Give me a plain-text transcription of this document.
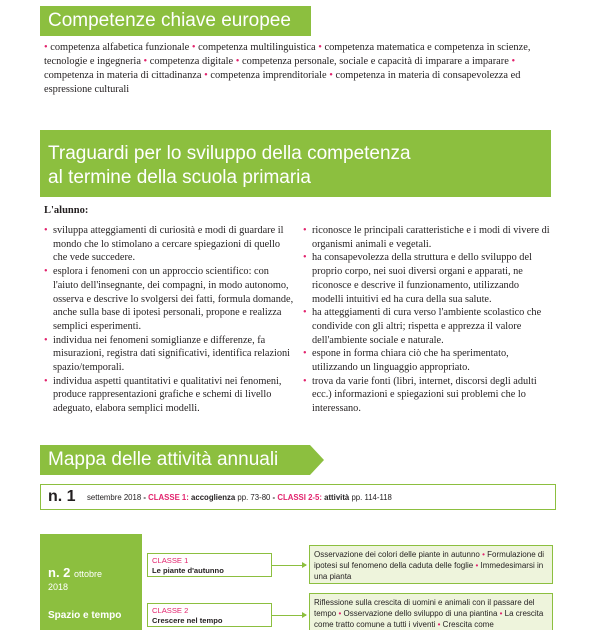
Competenze chiave europee

• competenza alfabetica funzionale • competenza multilinguistica • competenza matematica e competenza in scienze, tecnologie e ingegneria • competenza digitale • competenza personale, sociale e capacità di imparare a imparare • competenza in materia di cittadinanza • competenza imprenditoriale • competenza in materia di consapevolezza ed espressione culturali

Traguardi per lo sviluppo della competenza
al termine della scuola primaria
L'alunno:
• sviluppa atteggiamenti di curiosità e modi di guardare il mondo che lo stimolano a cercare spiegazioni di quello che vede succedere.
• esplora i fenomeni con un approccio scientifico: con l'aiuto dell'insegnante, dei compagni, in modo autonomo, osserva e descrive lo svolgersi dei fatti, formula domande, anche sulla base di ipotesi personali, propone e realizza semplici esperimenti.
• individua nei fenomeni somiglianze e differenze, fa misurazioni, registra dati significativi, identifica relazioni spazio/temporali.
• individua aspetti quantitativi e qualitativi nei fenomeni, produce rappresentazioni grafiche e schemi di livello adeguato, elabora semplici modelli.
• riconosce le principali caratteristiche e i modi di vivere di organismi animali e vegetali.
• ha consapevolezza della struttura e dello sviluppo del proprio corpo, nei suoi diversi organi e apparati, ne riconosce e descrive il funzionamento, utilizzando modelli intuitivi ed ha cura della sua salute.
• ha atteggiamenti di cura verso l'ambiente scolastico che condivide con gli altri; rispetta e apprezza il valore dell'ambiente sociale e naturale.
• espone in forma chiara ciò che ha sperimentato, utilizzando un linguaggio appropriato.
• trova da varie fonti (libri, internet, discorsi degli adulti ecc.) informazioni e spiegazioni sui problemi che lo interessano.
Mappa delle attività annuali
n. 1 settembre 2018 - CLASSE 1: accoglienza pp. 73-80 - CLASSI 2-5: attività pp. 114-118
n. 2 ottobre
2018
Spazio e tempo
CLASSE 1
Le piante d'autunno
Osservazione dei colori delle piante in autunno • Formulazione di ipotesi sul fenomeno della caduta delle foglie • Immedesimarsi in una pianta
CLASSE 2
Crescere nel tempo
Riflessione sulla crescita di uomini e animali con il passare del tempo • Osservazione dello sviluppo di una piantina • La crescita come tratto comune a tutti i viventi • Crescita come
